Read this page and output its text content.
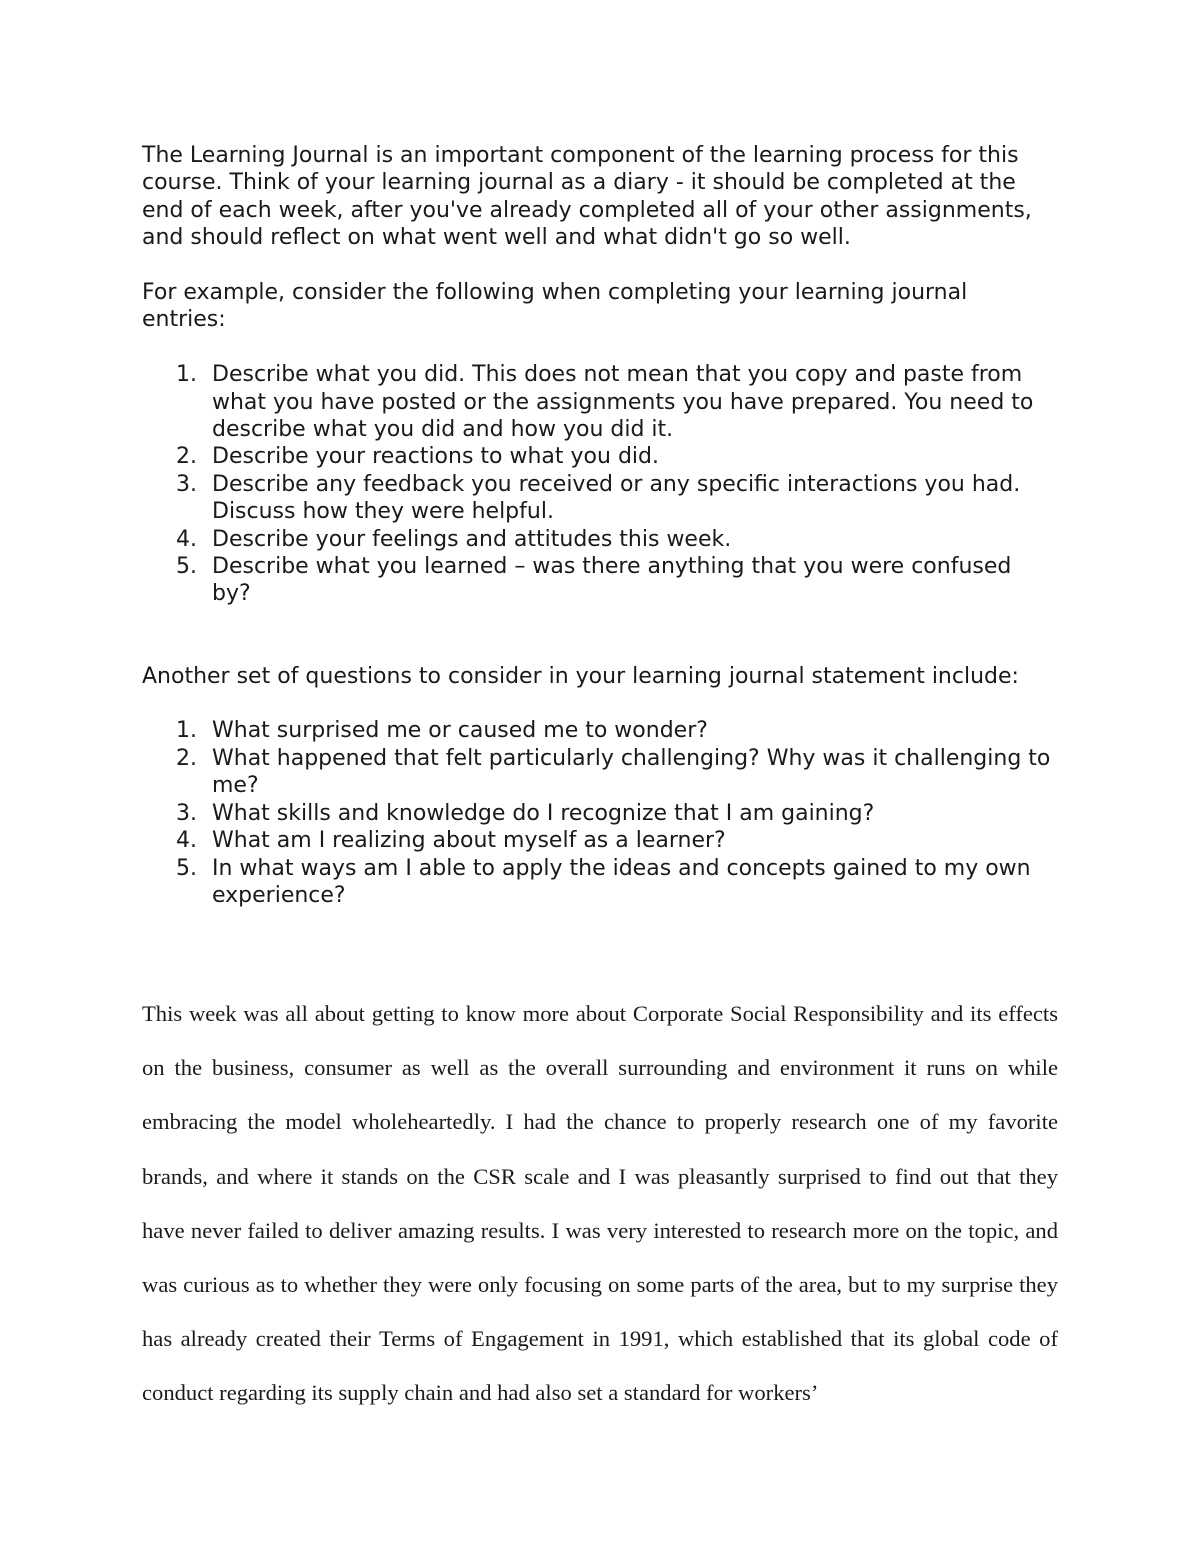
The Learning Journal is an important component of the learning process for this course. Think of your learning journal as a diary - it should be completed at the end of each week, after you've already completed all of your other assignments, and should reflect on what went well and what didn't go so well.

For example, consider the following when completing your learning journal entries:

1. Describe what you did. This does not mean that you copy and paste from what you have posted or the assignments you have prepared. You need to describe what you did and how you did it.
2. Describe your reactions to what you did.
3. Describe any feedback you received or any specific interactions you had. Discuss how they were helpful.
4. Describe your feelings and attitudes this week.
5. Describe what you learned – was there anything that you were confused by?

Another set of questions to consider in your learning journal statement include:

1. What surprised me or caused me to wonder?
2. What happened that felt particularly challenging? Why was it challenging to me?
3. What skills and knowledge do I recognize that I am gaining?
4. What am I realizing about myself as a learner?
5. In what ways am I able to apply the ideas and concepts gained to my own experience?

This week was all about getting to know more about Corporate Social Responsibility and its effects on the business, consumer as well as the overall surrounding and environment it runs on while embracing the model wholeheartedly. I had the chance to properly research one of my favorite brands, and where it stands on the CSR scale and I was pleasantly surprised to find out that they have never failed to deliver amazing results. I was very interested to research more on the topic, and was curious as to whether they were only focusing on some parts of the area, but to my surprise they has already created their Terms of Engagement in 1991, which established that its global code of conduct regarding its supply chain and had also set a standard for workers’
